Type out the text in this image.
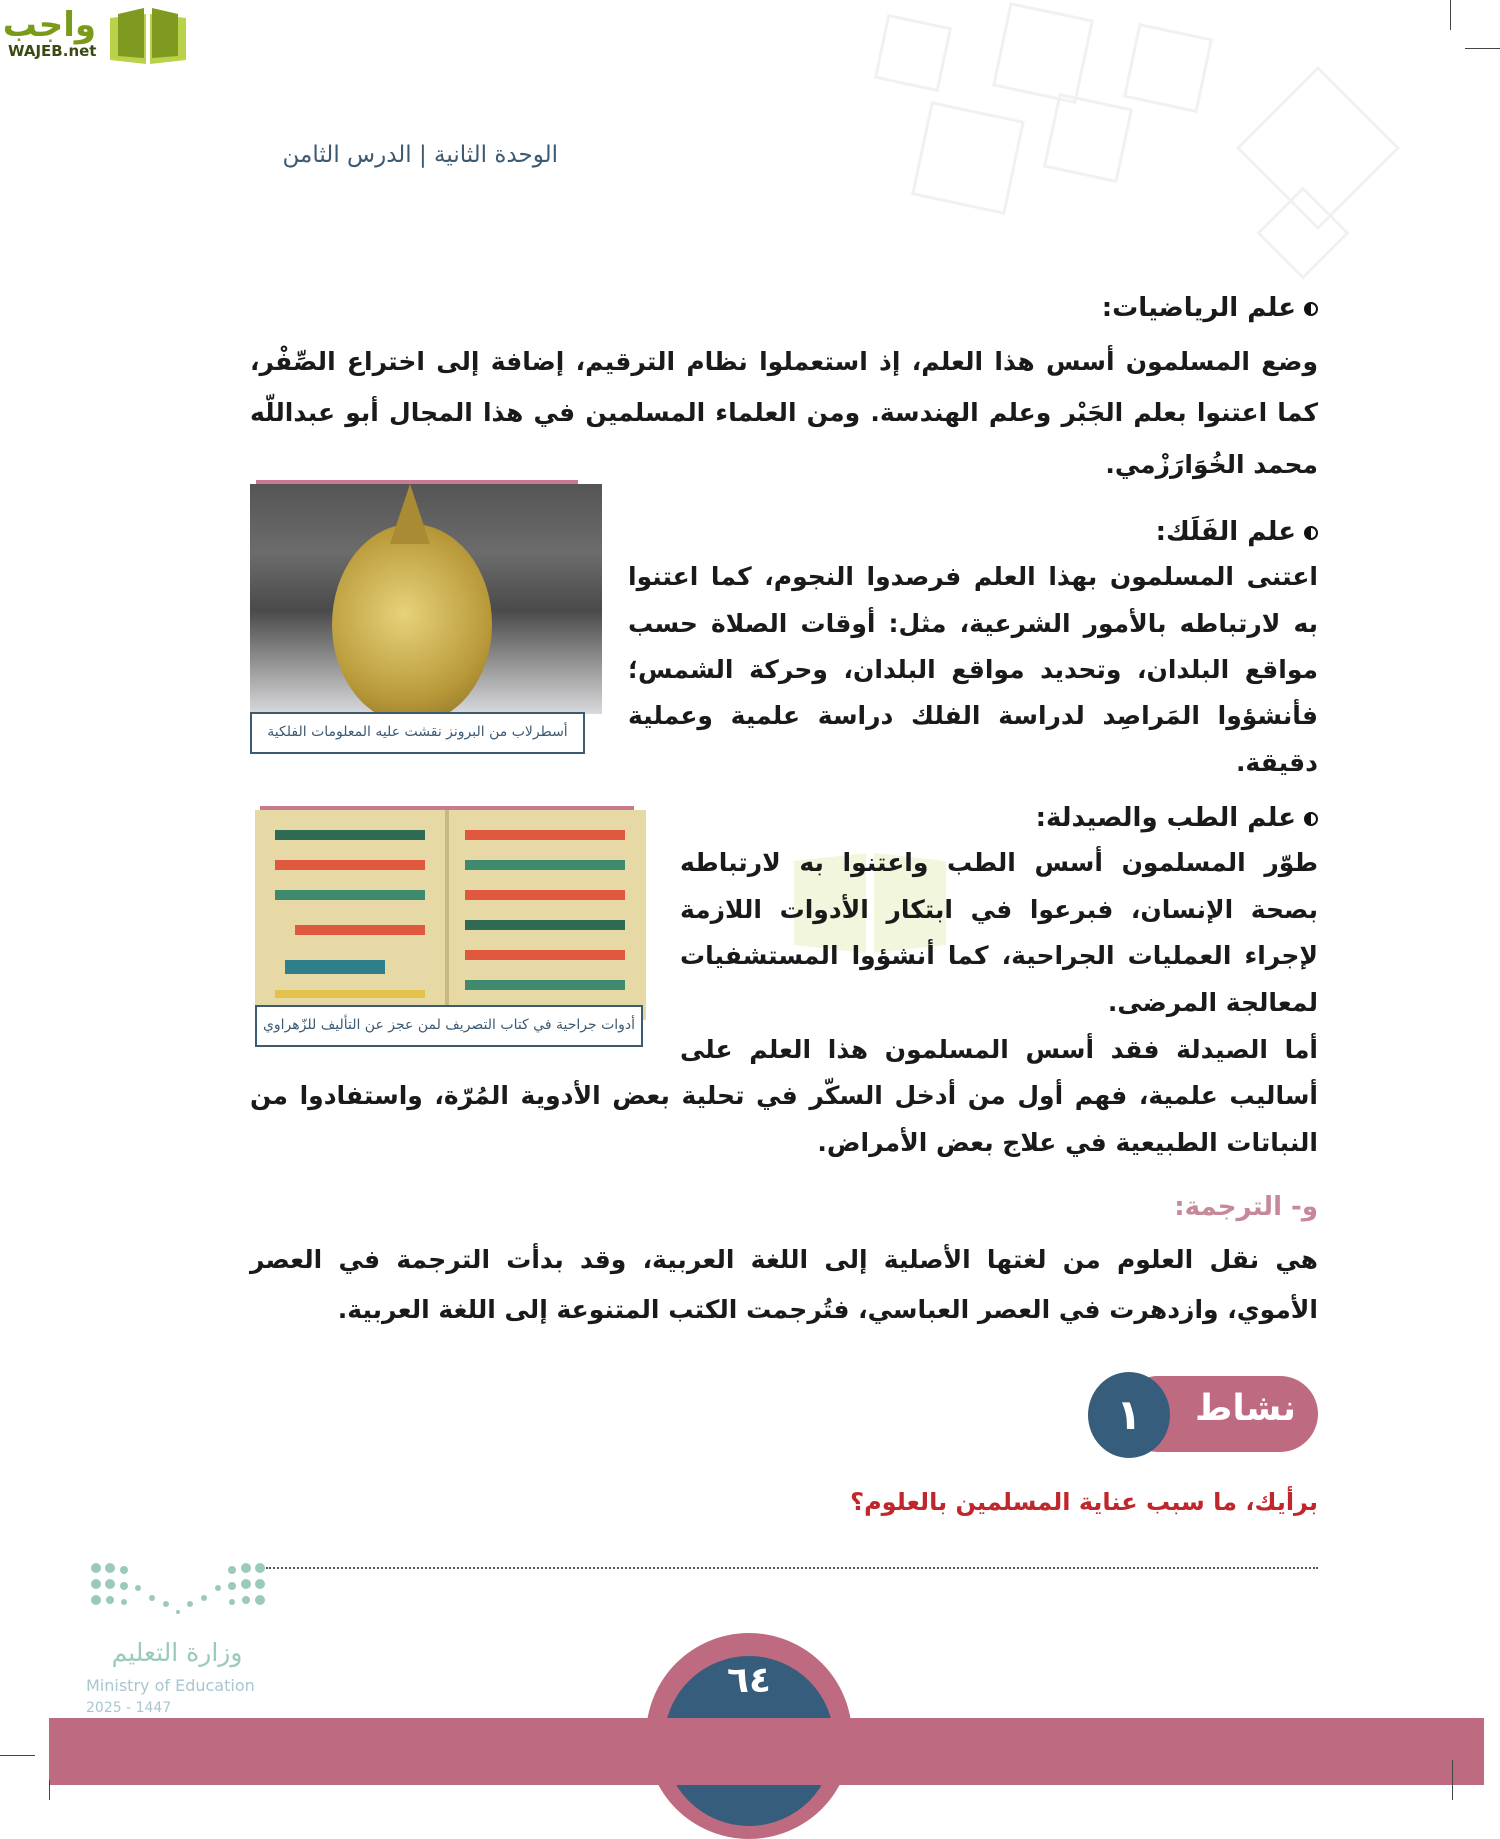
واجب
WAJEB.net
الوحدة الثانية | الدرس الثامن
علم الرياضيات:
وضع المسلمون أسس هذا العلم، إذ استعملوا نظام الترقيم، إضافة إلى اختراع الصِّفْر،
كما اعتنوا بعلم الجَبْر وعلم الهندسة. ومن العلماء المسلمين في هذا المجال أبو عبداللّه
محمد الخُوَارَزْمي.
أسطرلاب من البرونز نقشت عليه المعلومات الفلكية
علم الفَلَك:
اعتنى المسلمون بهذا العلم فرصدوا النجوم، كما اعتنوا
به لارتباطه بالأمور الشرعية، مثل: أوقات الصلاة حسب
مواقع البلدان، وتحديد مواقع البلدان، وحركة الشمس؛
فأنشؤوا المَراصِد لدراسة الفلك دراسة علمية وعملية
دقيقة.
أدوات جراحية في كتاب التصريف لمن عجز عن التأليف للزّهراوي
علم الطب والصيدلة:
طوّر المسلمون أسس الطب واعتنوا به لارتباطه
بصحة الإنسان، فبرعوا في ابتكار الأدوات اللازمة
لإجراء العمليات الجراحية، كما أنشؤوا المستشفيات
لمعالجة المرضى.
أما الصيدلة فقد أسس المسلمون هذا العلم على
أساليب علمية، فهم أول من أدخل السكّر في تحلية بعض الأدوية المُرّة، واستفادوا من
النباتات الطبيعية في علاج بعض الأمراض.
و- الترجمة:
هي نقل العلوم من لغتها الأصلية إلى اللغة العربية، وقد بدأت الترجمة في العصر
الأموي، وازدهرت في العصر العباسي، فتُرجمت الكتب المتنوعة إلى اللغة العربية.
نشاط
١
برأيك، ما سبب عناية المسلمين بالعلوم؟
وزارة التعليم
Ministry of Education
2025 - 1447
٦٤
